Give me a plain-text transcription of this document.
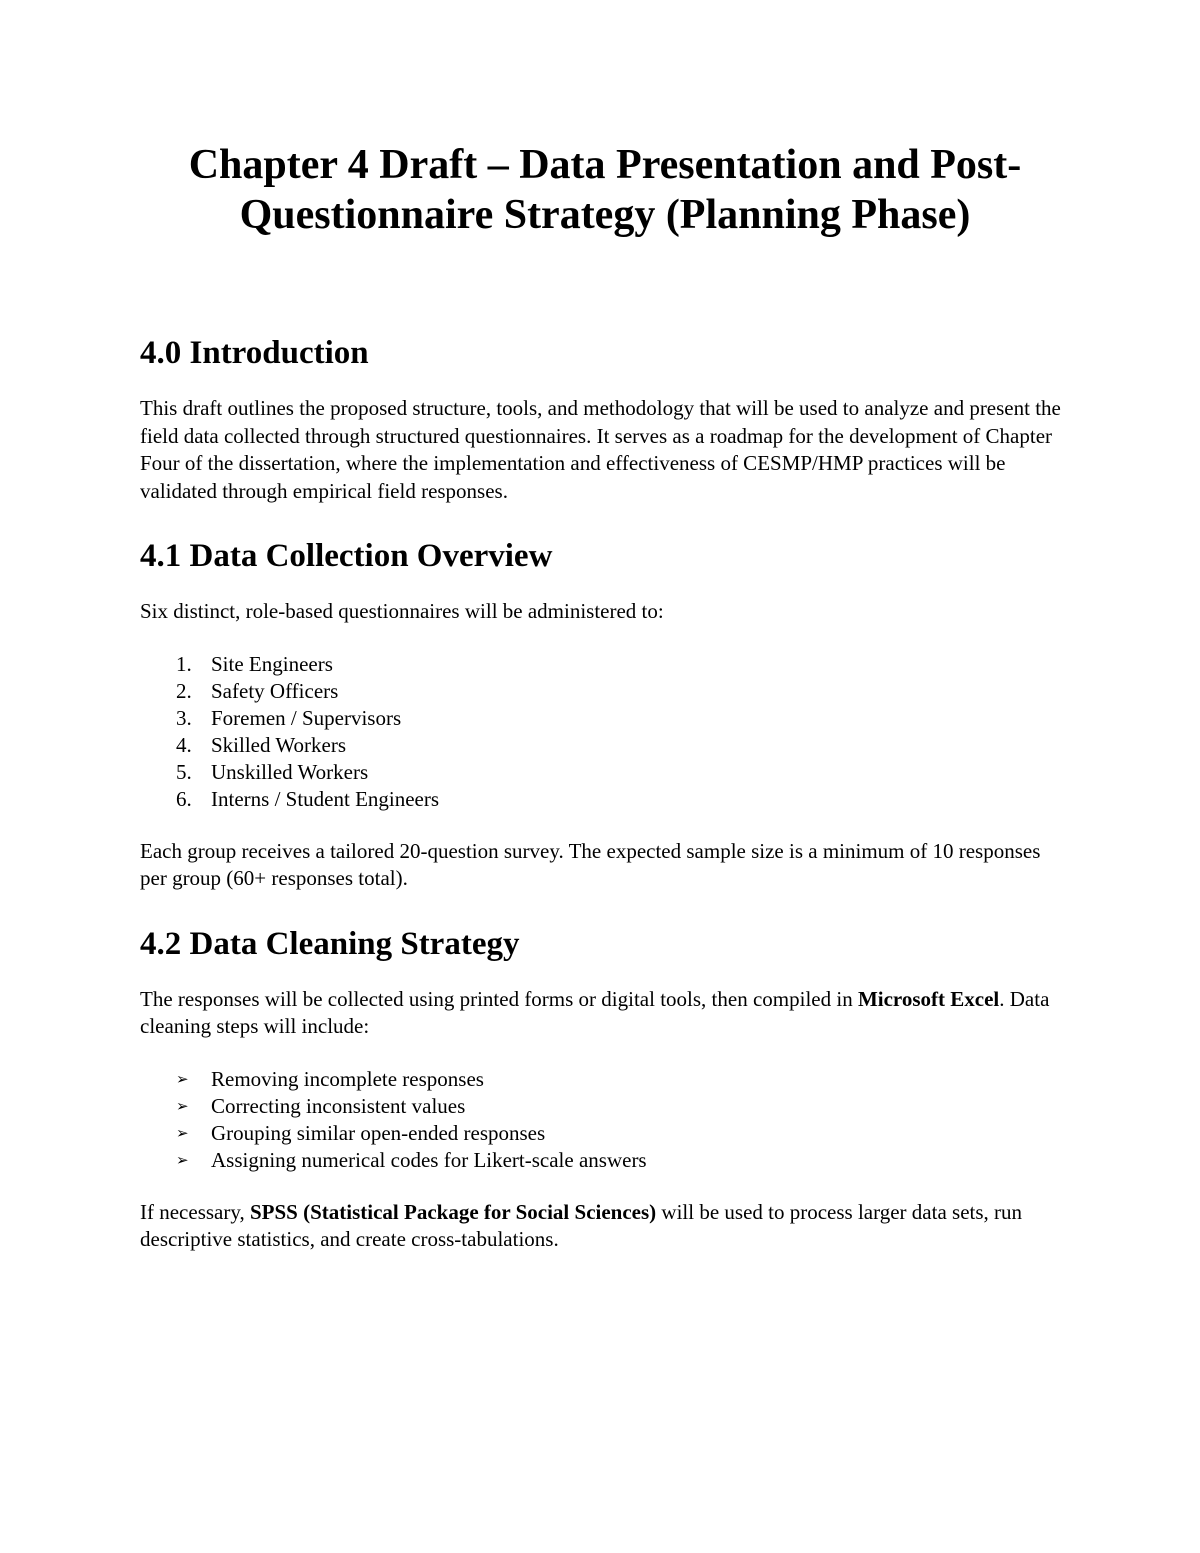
Chapter 4 Draft – Data Presentation and Post-
Questionnaire Strategy (Planning Phase)
4.0 Introduction

This draft outlines the proposed structure, tools, and methodology that will be used to analyze and present the field data collected through structured questionnaires. It serves as a roadmap for the development of Chapter Four of the dissertation, where the implementation and effectiveness of CESMP/HMP practices will be validated through empirical field responses.

4.1 Data Collection Overview

Six distinct, role-based questionnaires will be administered to:

1. Site Engineers
2. Safety Officers
3. Foremen / Supervisors
4. Skilled Workers
5. Unskilled Workers
6. Interns / Student Engineers

Each group receives a tailored 20-question survey. The expected sample size is a minimum of 10 responses per group (60+ responses total).

4.2 Data Cleaning Strategy

The responses will be collected using printed forms or digital tools, then compiled in Microsoft Excel. Data cleaning steps will include:

➢ Removing incomplete responses
➢ Correcting inconsistent values
➢ Grouping similar open-ended responses
➢ Assigning numerical codes for Likert-scale answers

If necessary, SPSS (Statistical Package for Social Sciences) will be used to process larger data sets, run descriptive statistics, and create cross-tabulations.
